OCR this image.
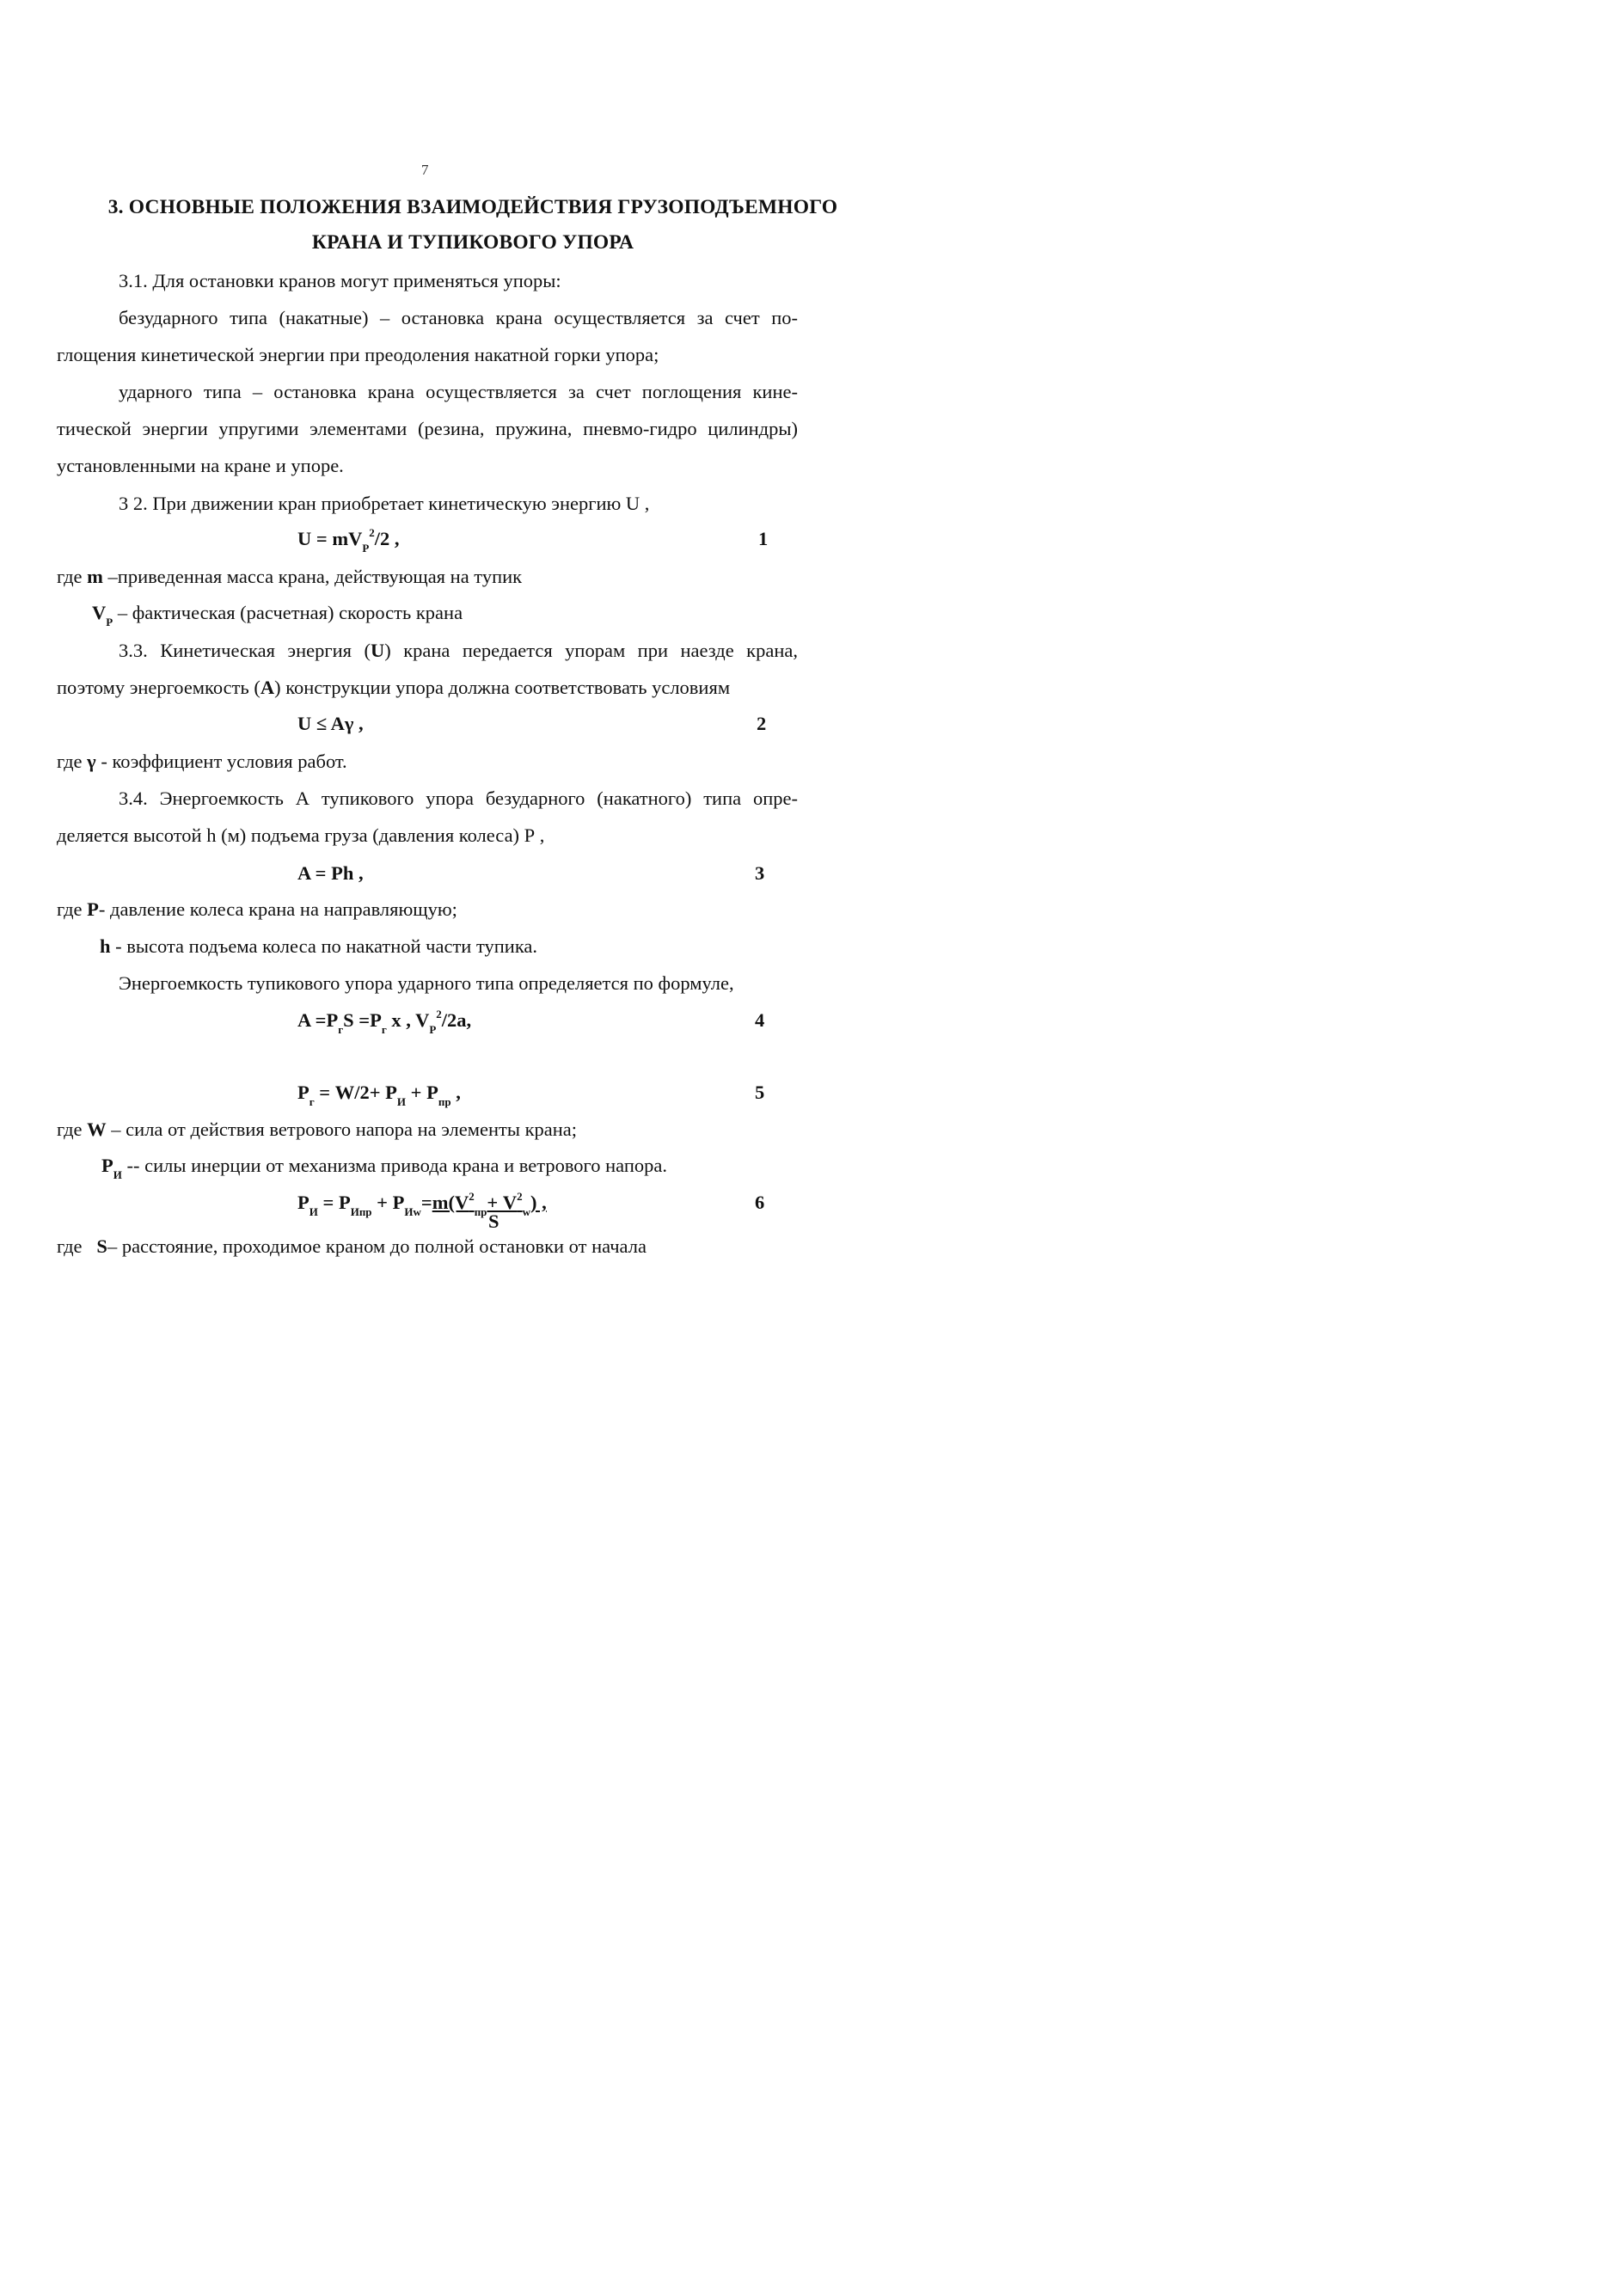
7
3. ОСНОВНЫЕ ПОЛОЖЕНИЯ ВЗАИМОДЕЙСТВИЯ ГРУЗОПОДЪЕМНОГО
КРАНА И ТУПИКОВОГО УПОРА
3.1. Для остановки кранов могут применяться упоры:
безударного типа (накатные) – остановка крана осуществляется за счет по-
глощения кинетической энергии при преодоления накатной горки упора;
ударного типа – остановка крана осуществляется за счет поглощения кине-
тической энергии упругими элементами (резина, пружина, пневмо-гидро цилиндры)
установленными на кране и упоре.
3 2. При движении кран приобретает кинетическую энергию U ,
$U = mV_P^2/2$ ,	1
где m –приведенная масса крана, действующая на тупик
$V_P$ – фактическая (расчетная) скорость крана
3.3. Кинетическая энергия (U) крана передается упорам при наезде крана,
поэтому энергоемкость (A) конструкции упора должна соответствовать условиям
U ≤ Aγ ,	2
где γ - коэффициент условия работ.
3.4. Энергоемкость А тупикового упора безударного (накатного) типа опре-
деляется высотой h (м) подъема груза (давления колеса) Р ,
A = Ph ,	3
где P- давление колеса крана на направляющую;
h - высота подъема колеса по накатной части тупика.
Энергоемкость тупикового упора ударного типа определяется по формуле,
$A =P_гS =P_г$ x , $V_P^2/2a$,	4
$P_г = W/2+ P_И + P_{пр}$ ,	5
где W – сила от действия ветрового напора на элементы крана;
$P_И$ -- силы инерции от механизма привода крана и ветрового напора.
$P_И = P_{Ипр} + P_{Иw}=m(V^2_{пр}+ V^2_w)$ ,
S
6
где S– расстояние, проходимое краном до полной остановки от начала
